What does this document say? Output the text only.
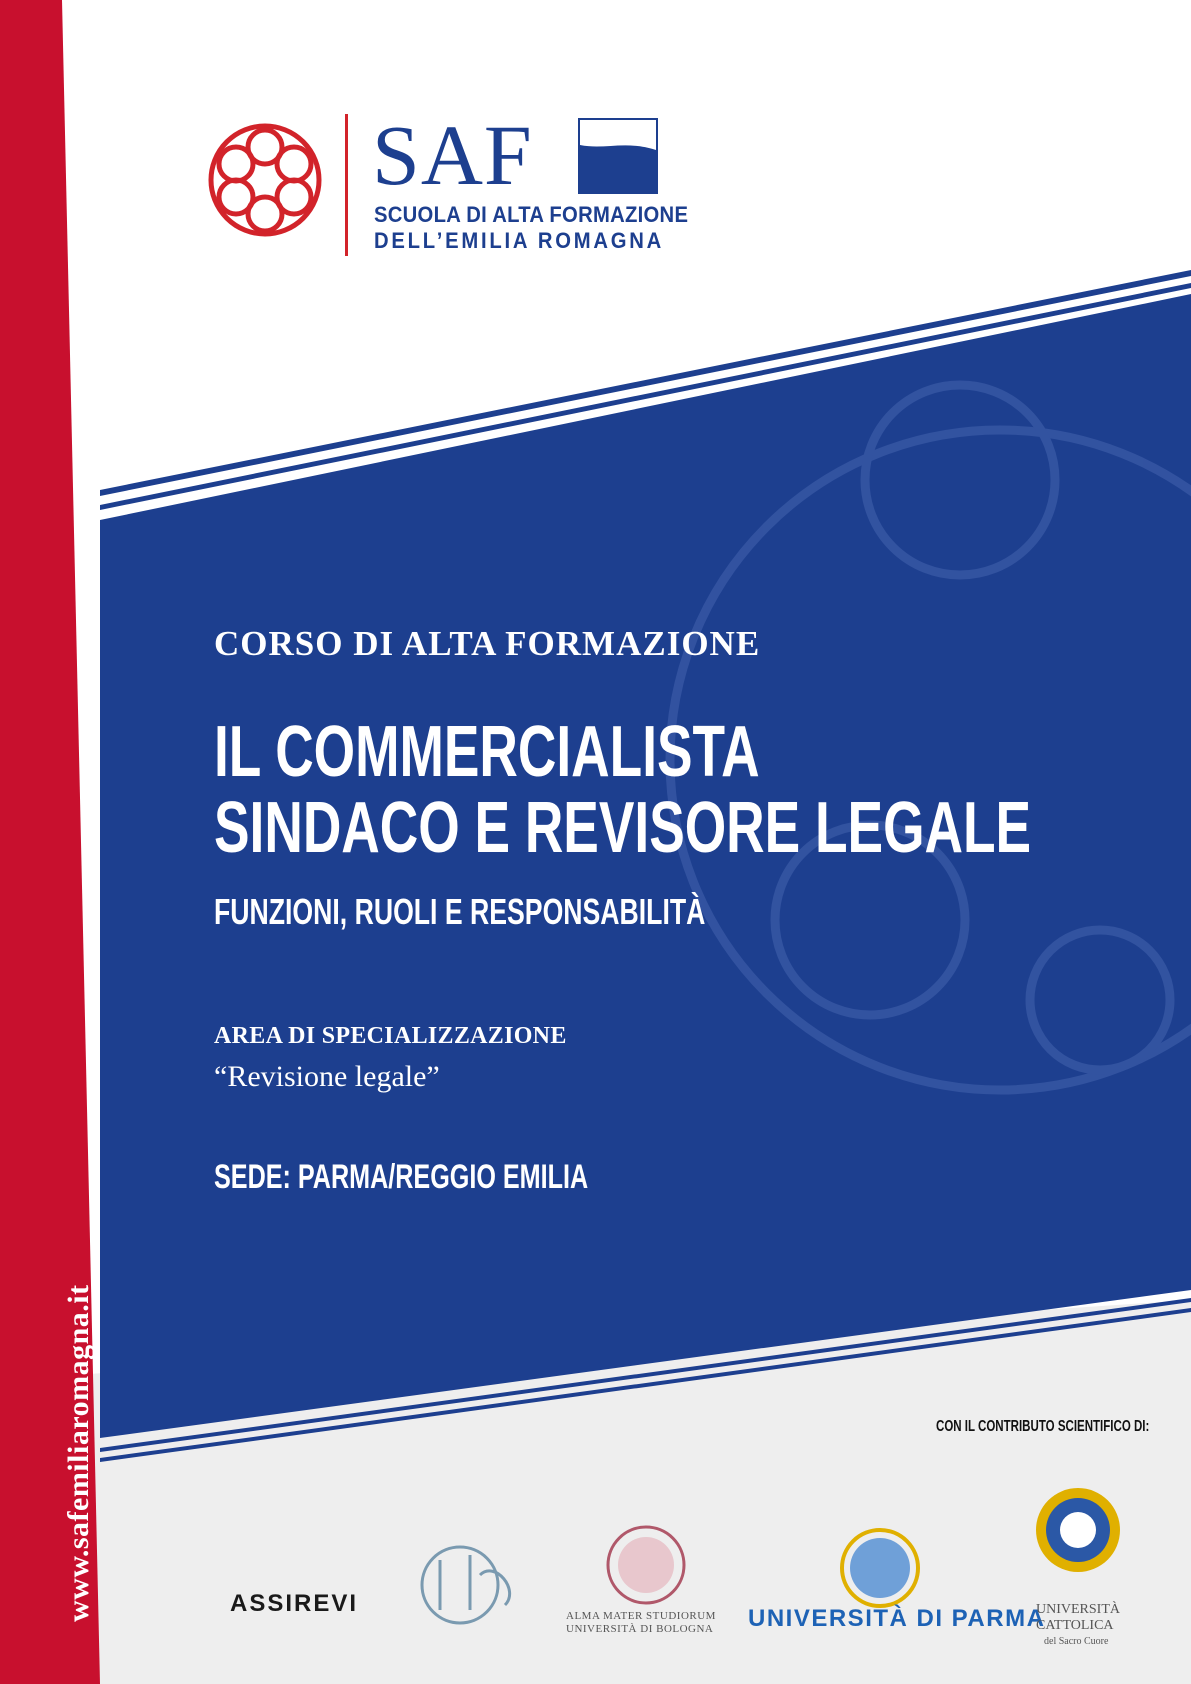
www.safemiliaromagna.it
SAF
SCUOLA DI ALTA FORMAZIONE
DELL’EMILIA ROMAGNA
CORSO DI ALTA FORMAZIONE
IL COMMERCIALISTA
SINDACO E REVISORE LEGALE
FUNZIONI, RUOLI E RESPONSABILITÀ
AREA DI SPECIALIZZAZIONE
“Revisione legale”
SEDE: PARMA/REGGIO EMILIA
CON IL CONTRIBUTO SCIENTIFICO DI:
ASSIREVI	ALMA MATER STUDIORUM
UNIVERSITÀ DI BOLOGNA UNIVERSITÀ DI PARMA
UNIVERSITÀ
CATTOLICA
del Sacro Cuore
